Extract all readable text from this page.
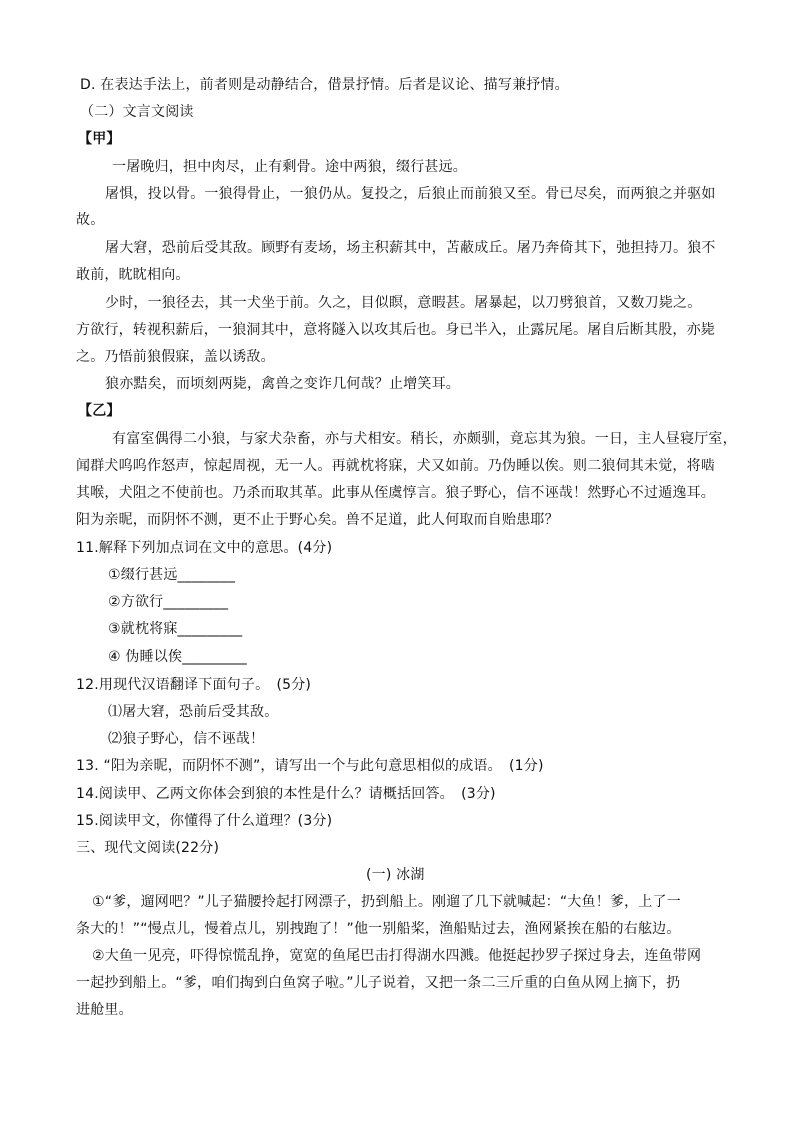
D. 在表达手法上，前者则是动静结合，借景抒情。后者是议论、描写兼抒情。
（二）文言文阅读
【甲】
一屠晚归，担中肉尽，止有剩骨。途中两狼，缀行甚远。
屠惧，投以骨。一狼得骨止，一狼仍从。复投之，后狼止而前狼又至。骨已尽矣，而两狼之并驱如
故。
屠大窘，恐前后受其敌。顾野有麦场，场主积薪其中，苫蔽成丘。屠乃奔倚其下，弛担持刀。狼不
敢前，眈眈相向。
少时，一狼径去，其一犬坐于前。久之，目似瞑，意暇甚。屠暴起，以刀劈狼首，又数刀毙之。
方欲行，转视积薪后，一狼洞其中，意将隧入以攻其后也。身已半入，止露尻尾。屠自后断其股，亦毙
之。乃悟前狼假寐，盖以诱敌。
狼亦黠矣，而顷刻两毙，禽兽之变诈几何哉？止增笑耳。
【乙】
有富室偶得二小狼，与家犬杂畜，亦与犬相安。稍长，亦颇驯，竟忘其为狼。一日，主人昼寝厅室，
闻群犬呜呜作怒声，惊起周视，无一人。再就枕将寐，犬又如前。乃伪睡以俟。则二狼伺其未觉，将啮
其喉，犬阻之不使前也。乃杀而取其革。此事从侄虞惇言。狼子野心，信不诬哉！然野心不过遁逸耳。
阳为亲昵，而阴怀不测，更不止于野心矣。兽不足道，此人何取而自贻患耶？
11.解释下列加点词在文中的意思。(4分)
①缀行甚远________
②方欲行_________
③就枕将寐_________
④ 伪睡以俟_________
12.用现代汉语翻译下面句子。　(5分)
⑴屠大窘，恐前后受其敌。
⑵狼子野心，信不诬哉！
13. “阳为亲昵，而阴怀不测”，请写出一个与此句意思相似的成语。　(1分)
14.阅读甲、乙两文你体会到狼的本性是什么？请概括回答。　(3分)
15.阅读甲文，你懂得了什么道理？(3分)
三、现代文阅读(22分)
(一) 冰湖
①“爹，遛网吧？”儿子猫腰拎起打网漂子，扔到船上。刚遛了几下就喊起：“大鱼！爹，上了一
条大的！”“慢点儿，慢着点儿，别拽跑了！”他一别船桨，渔船贴过去，渔网紧挨在船的右舷边。
②大鱼一见亮，吓得惊慌乱挣，宽宽的鱼尾巴击打得湖水四溅。他挺起抄罗子探过身去，连鱼带网
一起抄到船上。“爹，咱们掏到白鱼窝子啦。”儿子说着，又把一条二三斤重的白鱼从网上摘下，扔
进舱里。
